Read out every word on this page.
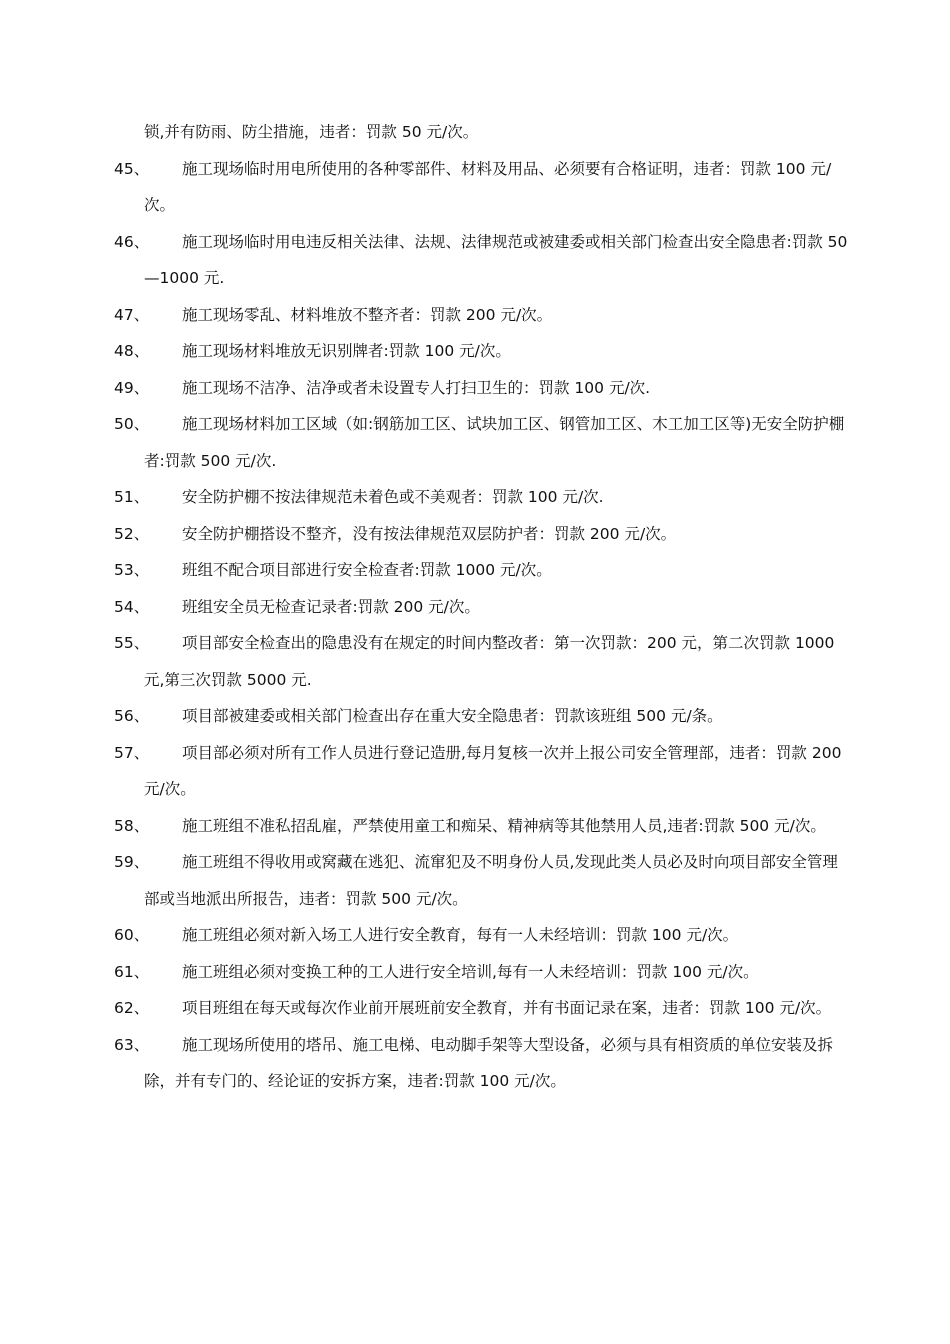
锁,并有防雨、防尘措施，违者：罚款 50 元/次。
45、	施工现场临时用电所使用的各种零部件、材料及用品、必须要有合格证明，违者：罚款 100 元/次。
46、	施工现场临时用电违反相关法律、法规、法律规范或被建委或相关部门检查出安全隐患者:罚款 50—1000 元.
47、	施工现场零乱、材料堆放不整齐者：罚款 200 元/次。
48、	施工现场材料堆放无识别牌者:罚款 100 元/次。
49、	施工现场不洁净、洁净或者未设置专人打扫卫生的：罚款 100 元/次.
50、	施工现场材料加工区域（如:钢筋加工区、试块加工区、钢管加工区、木工加工区等)无安全防护棚者:罚款 500 元/次.
51、	安全防护棚不按法律规范未着色或不美观者：罚款 100 元/次.
52、	安全防护棚搭设不整齐，没有按法律规范双层防护者：罚款 200 元/次。
53、	班组不配合项目部进行安全检查者:罚款 1000 元/次。
54、	班组安全员无检查记录者:罚款 200 元/次。
55、	项目部安全检查出的隐患没有在规定的时间内整改者：第一次罚款：200 元，第二次罚款 1000 元,第三次罚款 5000 元.
56、	项目部被建委或相关部门检查出存在重大安全隐患者：罚款该班组 500 元/条。
57、	项目部必须对所有工作人员进行登记造册,每月复核一次并上报公司安全管理部，违者：罚款 200 元/次。
58、	施工班组不准私招乱雇，严禁使用童工和痴呆、精神病等其他禁用人员,违者:罚款 500 元/次。
59、	施工班组不得收用或窝藏在逃犯、流窜犯及不明身份人员,发现此类人员必及时向项目部安全管理部或当地派出所报告，违者：罚款 500 元/次。
60、	施工班组必须对新入场工人进行安全教育，每有一人未经培训：罚款 100 元/次。
61、	施工班组必须对变换工种的工人进行安全培训,每有一人未经培训：罚款 100 元/次。
62、	项目班组在每天或每次作业前开展班前安全教育，并有书面记录在案，违者：罚款 100 元/次。
63、	施工现场所使用的塔吊、施工电梯、电动脚手架等大型设备，必须与具有相资质的单位安装及拆除，并有专门的、经论证的安拆方案，违者:罚款 100 元/次。
